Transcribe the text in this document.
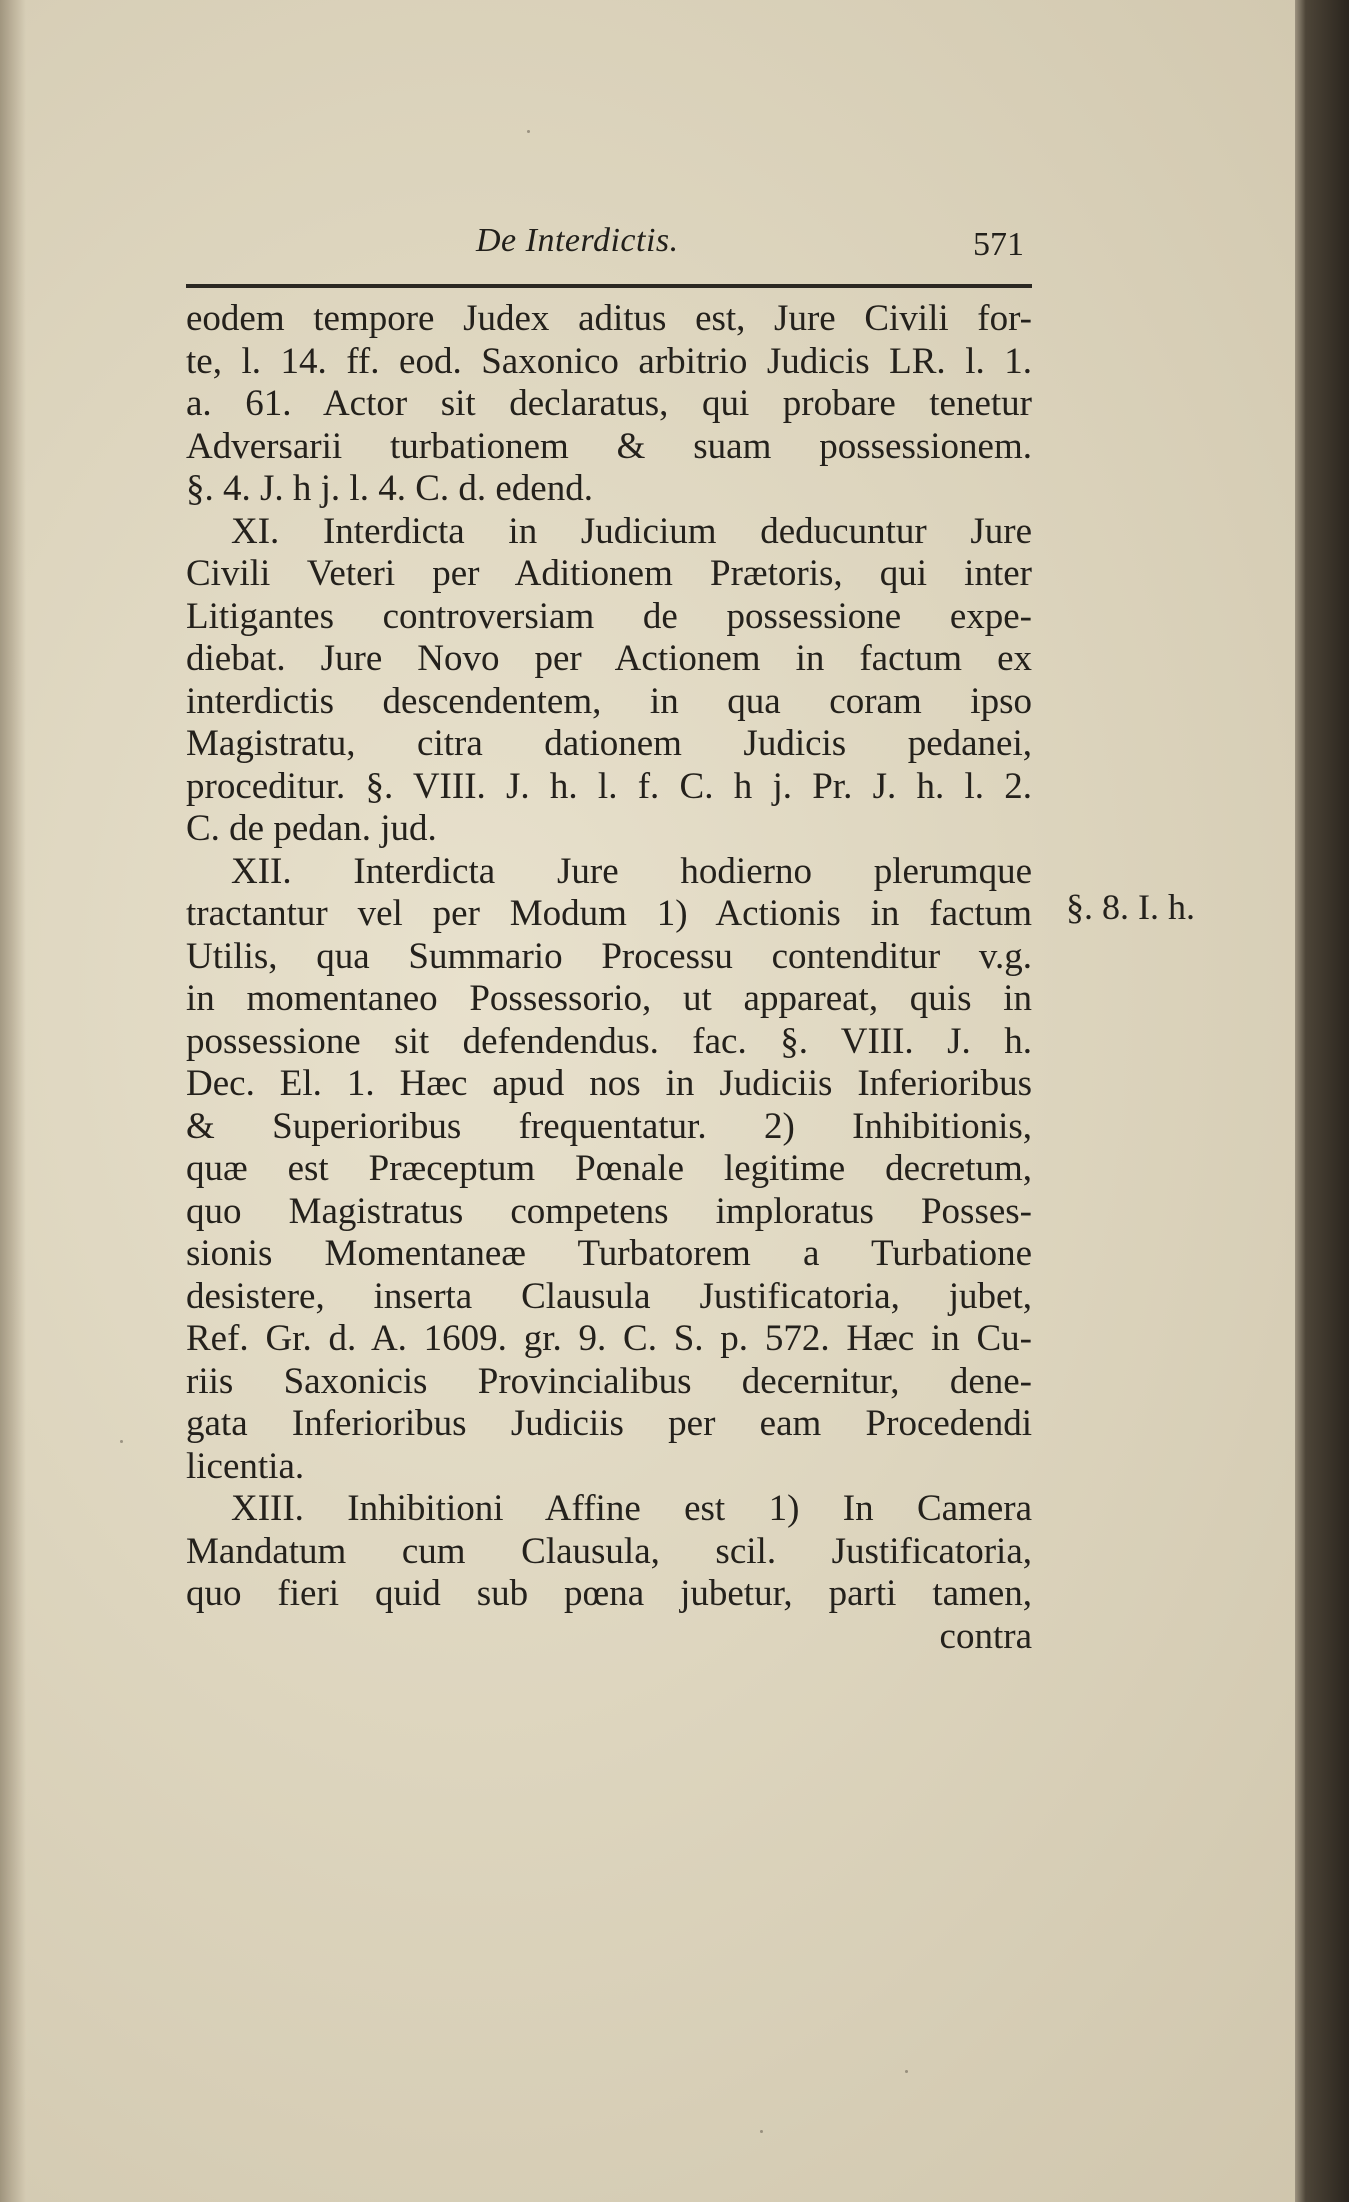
De Interdictis.	571
eodem tempore Judex aditus est, Jure Civili for-
te, l. 14. ff. eod. Saxonico arbitrio Judicis LR. l. 1.
a. 61. Actor sit declaratus, qui probare tenetur
Adversarii turbationem & suam possessionem.
§. 4. J. h j. l. 4. C. d. edend.
XI. Interdicta in Judicium deducuntur Jure
Civili Veteri per Aditionem Prætoris, qui inter
Litigantes controversiam de possessione expe-
diebat. Jure Novo per Actionem in factum ex
interdictis descendentem, in qua coram ipso
Magistratu, citra dationem Judicis pedanei,
proceditur. §. VIII. J. h. l. f. C. h j. Pr. J. h. l. 2.
C. de pedan. jud.
XII. Interdicta Jure hodierno plerumque
tractantur vel per Modum 1) Actionis in factum
Utilis, qua Summario Processu contenditur v.g.
in momentaneo Possessorio, ut appareat, quis in
possessione sit defendendus. fac. §. VIII. J. h.
Dec. El. 1. Hæc apud nos in Judiciis Inferioribus
& Superioribus frequentatur. 2) Inhibitionis,
quæ est Præceptum Pœnale legitime decretum,
quo Magistratus competens imploratus Posses-
sionis Momentaneæ Turbatorem a Turbatione
desistere, inserta Clausula Justificatoria, jubet,
Ref. Gr. d. A. 1609. gr. 9. C. S. p. 572. Hæc in Cu-
riis Saxonicis Provincialibus decernitur, dene-
gata Inferioribus Judiciis per eam Procedendi
licentia.
XIII. Inhibitioni Affine est 1) In Camera
Mandatum cum Clausula, scil. Justificatoria,
quo fieri quid sub pœna jubetur, parti tamen,
contra
§. 8. I. h.
